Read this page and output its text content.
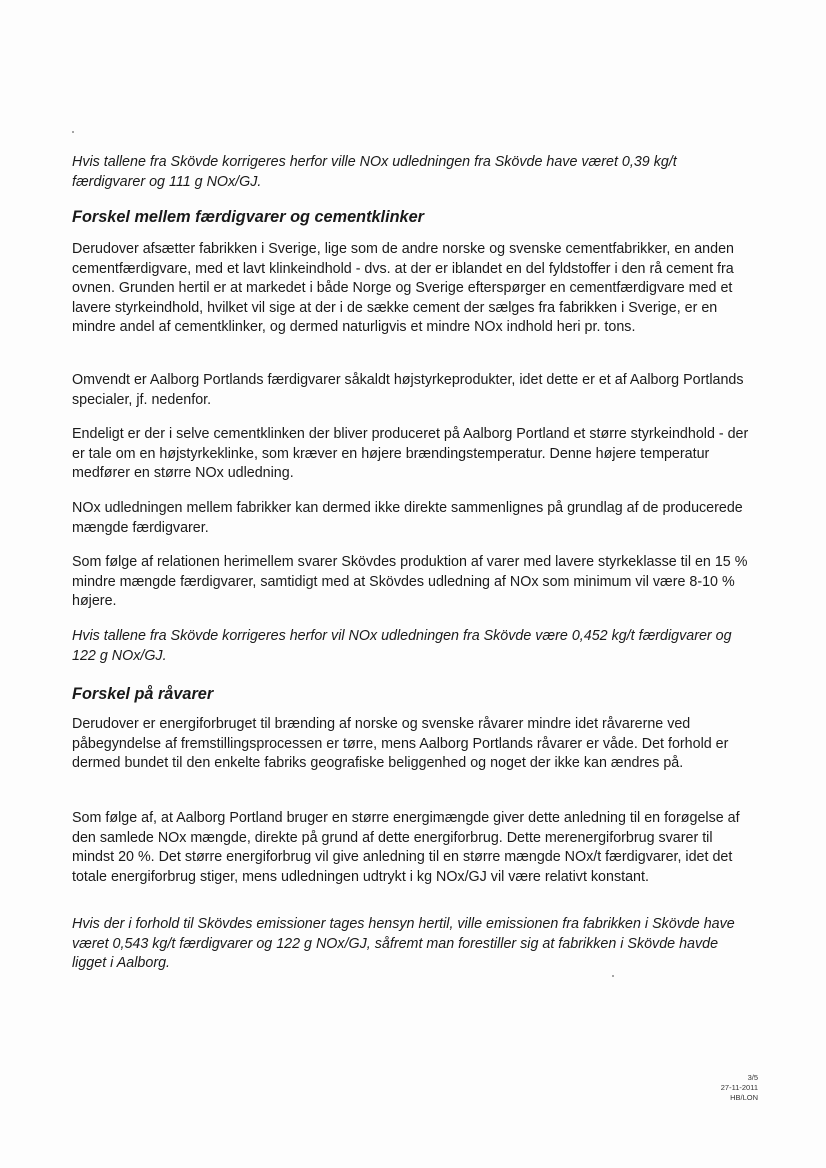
Hvis tallene fra Skövde korrigeres herfor ville NOx udledningen fra Skövde have været 0,39 kg/t færdigvarer og 111 g NOx/GJ.

Forskel mellem færdigvarer og cementklinker

Derudover afsætter fabrikken i Sverige, lige som de andre norske og svenske cementfabrikker, en anden cementfærdigvare, med et lavt klinkeindhold - dvs. at der er iblandet en del fyldstoffer i den rå cement fra ovnen. Grunden hertil er at markedet i både Norge og Sverige efterspørger en cementfærdigvare med et lavere styrkeindhold, hvilket vil sige at der i de sække cement der sælges fra fabrikken i Sverige, er en mindre andel af cementklinker, og dermed naturligvis et mindre NOx indhold heri pr. tons.

Omvendt er Aalborg Portlands færdigvarer såkaldt højstyrkeprodukter, idet dette er et af Aalborg Portlands specialer, jf. nedenfor.

Endeligt er der i selve cementklinken der bliver produceret på Aalborg Portland et større styrkeindhold - der er tale om en højstyrkeklinke, som kræver en højere brændingstemperatur. Denne højere temperatur medfører en større NOx udledning.

NOx udledningen mellem fabrikker kan dermed ikke direkte sammenlignes på grundlag af de producerede mængde færdigvarer.

Som følge af relationen herimellem svarer Skövdes produktion af varer med lavere styrkeklasse til en 15 % mindre mængde færdigvarer, samtidigt med at Skövdes udledning af NOx som minimum vil være 8-10 % højere.

Hvis tallene fra Skövde korrigeres herfor vil NOx udledningen fra Skövde være 0,452 kg/t færdigvarer og 122 g NOx/GJ.

Forskel på råvarer

Derudover er energiforbruget til brænding af norske og svenske råvarer mindre idet råvarerne ved påbegyndelse af fremstillingsprocessen er tørre, mens Aalborg Portlands råvarer er våde. Det forhold er dermed bundet til den enkelte fabriks geografiske beliggenhed og noget der ikke kan ændres på.

Som følge af, at Aalborg Portland bruger en større energimængde giver dette anledning til en forøgelse af den samlede NOx mængde, direkte på grund af dette energiforbrug. Dette merenergiforbrug svarer til mindst 20 %. Det større energiforbrug vil give anledning til en større mængde NOx/t færdigvarer, idet det totale energiforbrug stiger, mens udledningen udtrykt i kg NOx/GJ vil være relativt konstant.

Hvis der i forhold til Skövdes emissioner tages hensyn hertil, ville emissionen fra fabrikken i Skövde have været 0,543 kg/t færdigvarer og 122 g NOx/GJ, såfremt man forestiller sig at fabrikken i Skövde havde ligget i Aalborg.

3/5
27-11-2011
HB/LON
